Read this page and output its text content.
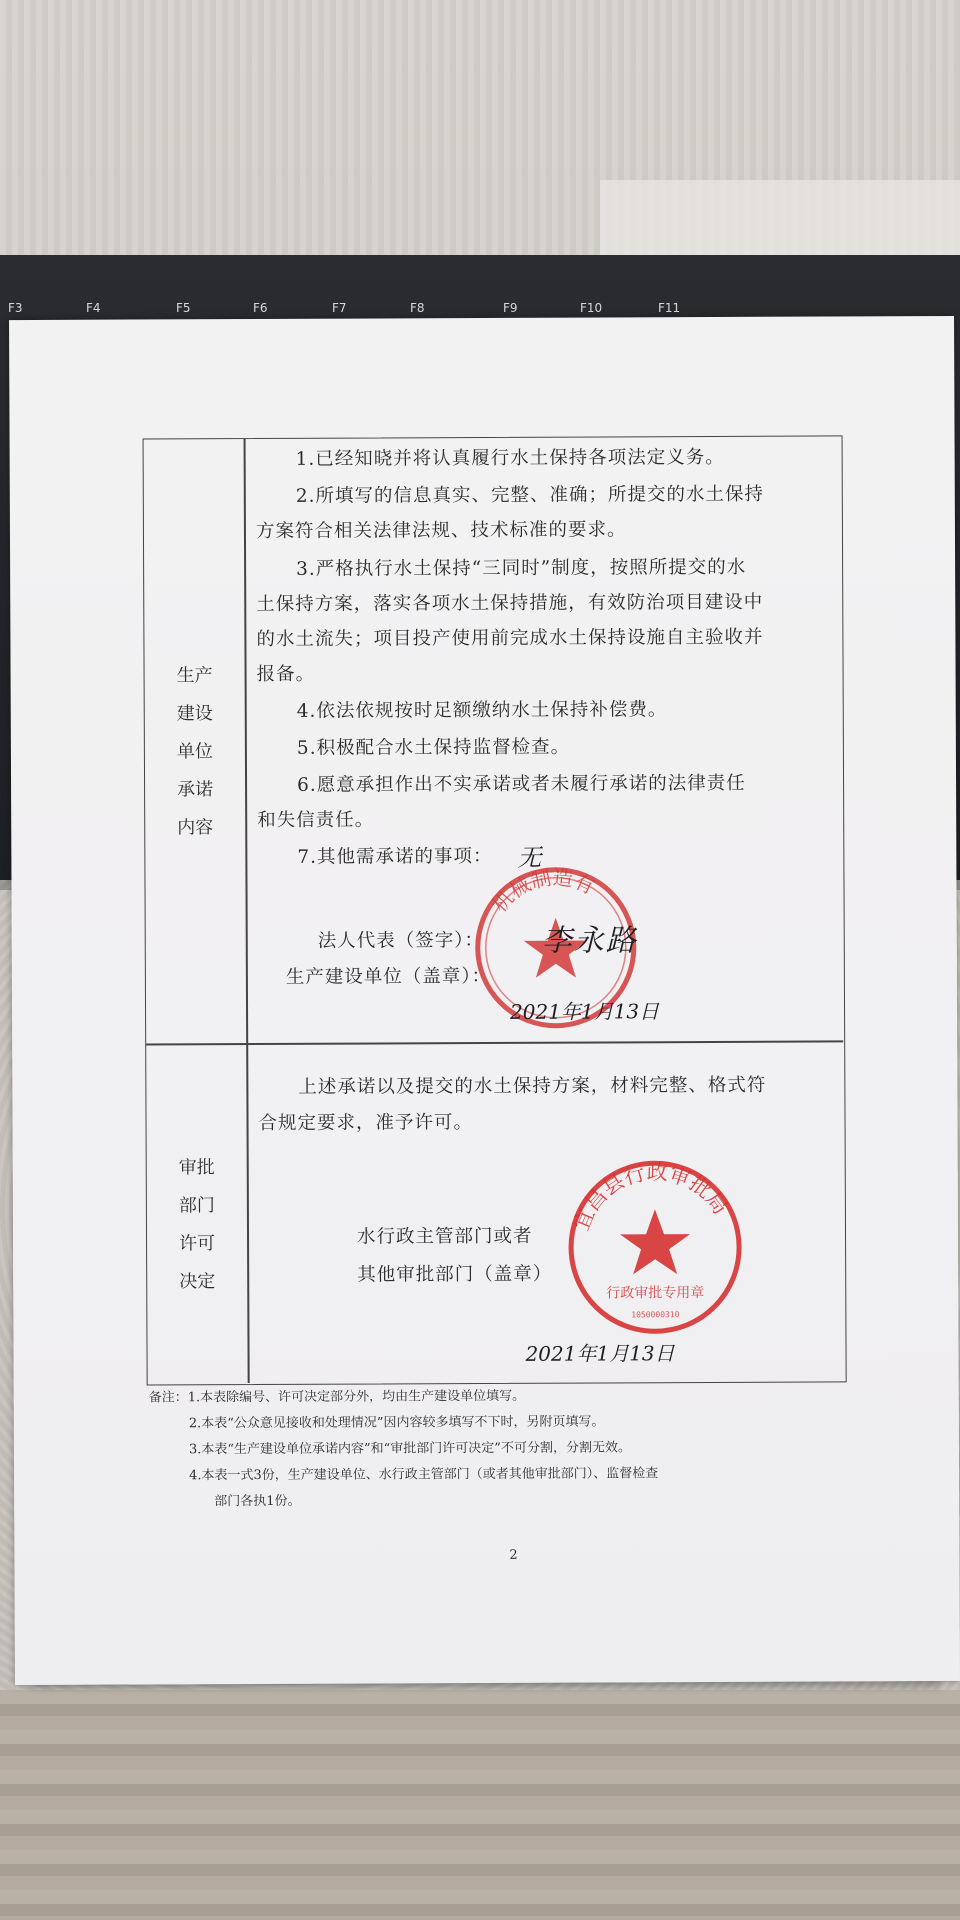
F3	F4	F5	F6	F7	F8	F9	F10	F11
生产
建设
单位
承诺
内容
1.已经知晓并将认真履行水土保持各项法定义务。
2.所填写的信息真实、完整、准确；所提交的水土保持
方案符合相关法律法规、技术标准的要求。
3.严格执行水土保持“三同时”制度，按照所提交的水
土保持方案，落实各项水土保持措施，有效防治项目建设中
的水土流失；项目投产使用前完成水土保持设施自主验收并
报备。
4.依法依规按时足额缴纳水土保持补偿费。
5.积极配合水土保持监督检查。
6.愿意承担作出不实承诺或者未履行承诺的法律责任
和失信责任。
7.其他需承诺的事项： 无
机械制造有
法人代表（签字）： 李永路
生产建设单位（盖章）：
2021年1月13日
审批
部门
许可
决定
上述承诺以及提交的水土保持方案，材料完整、格式符
合规定要求，准予许可。
宜昌县行政审批局
行政审批专用章
1050000310
水行政主管部门或者
其他审批部门（盖章）
2021年1月13日
备注：1.本表除编号、许可决定部分外，均由生产建设单位填写。
2.本表“公众意见接收和处理情况”因内容较多填写不下时，另附页填写。
3.本表“生产建设单位承诺内容”和“审批部门许可决定”不可分割，分割无效。
4.本表一式3份，生产建设单位、水行政主管部门（或者其他审批部门）、监督检查
部门各执1份。
2
